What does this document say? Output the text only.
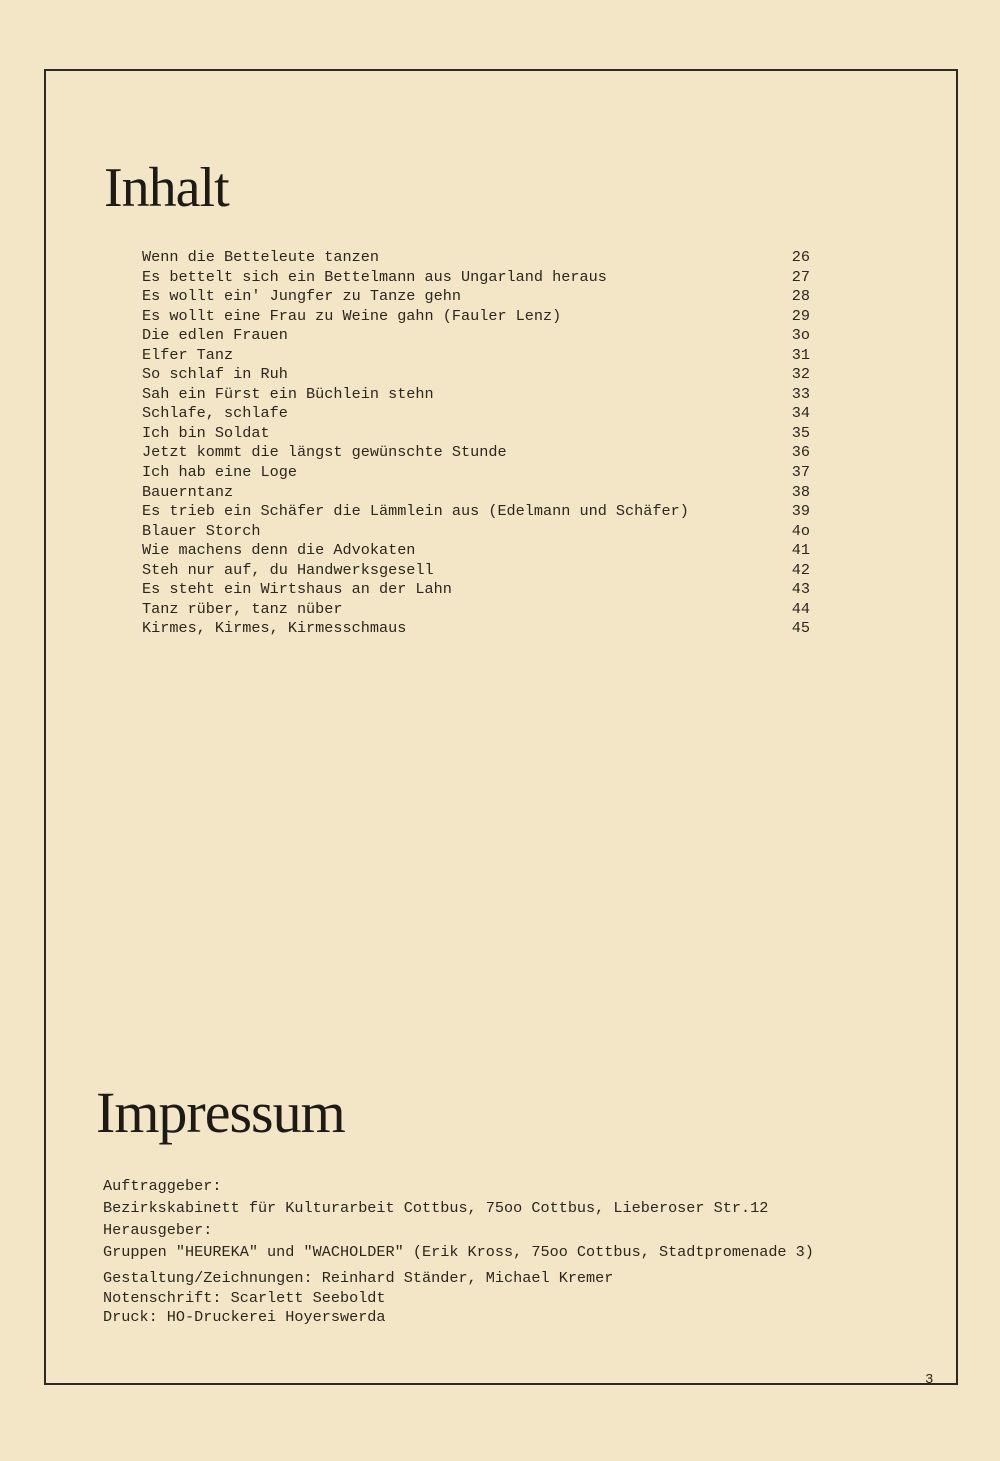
Inhalt
Wenn die Betteleute tanzen	26
Es bettelt sich ein Bettelmann aus Ungarland heraus	27
Es wollt ein' Jungfer zu Tanze gehn	28
Es wollt eine Frau zu Weine gahn (Fauler Lenz)	29
Die edlen Frauen	3o
Elfer Tanz	31
So schlaf in Ruh	32
Sah ein Fürst ein Büchlein stehn	33
Schlafe, schlafe	34
Ich bin Soldat	35
Jetzt kommt die längst gewünschte Stunde	36
Ich hab eine Loge	37
Bauerntanz	38
Es trieb ein Schäfer die Lämmlein aus (Edelmann und Schäfer)	39
Blauer Storch	4o
Wie machens denn die Advokaten	41
Steh nur auf, du Handwerksgesell	42
Es steht ein Wirtshaus an der Lahn	43
Tanz rüber, tanz nüber	44
Kirmes, Kirmes, Kirmesschmaus	45
Impressum

Auftraggeber:

Bezirkskabinett für Kulturarbeit Cottbus, 75oo Cottbus, Lieberoser Str.12

Herausgeber:

Gruppen "HEUREKA" und "WACHOLDER" (Erik Kross, 75oo Cottbus, Stadtpromenade 3)

Gestaltung/Zeichnungen: Reinhard Ständer, Michael Kremer

Notenschrift: Scarlett Seeboldt

Druck: HO-Druckerei Hoyerswerda

3
